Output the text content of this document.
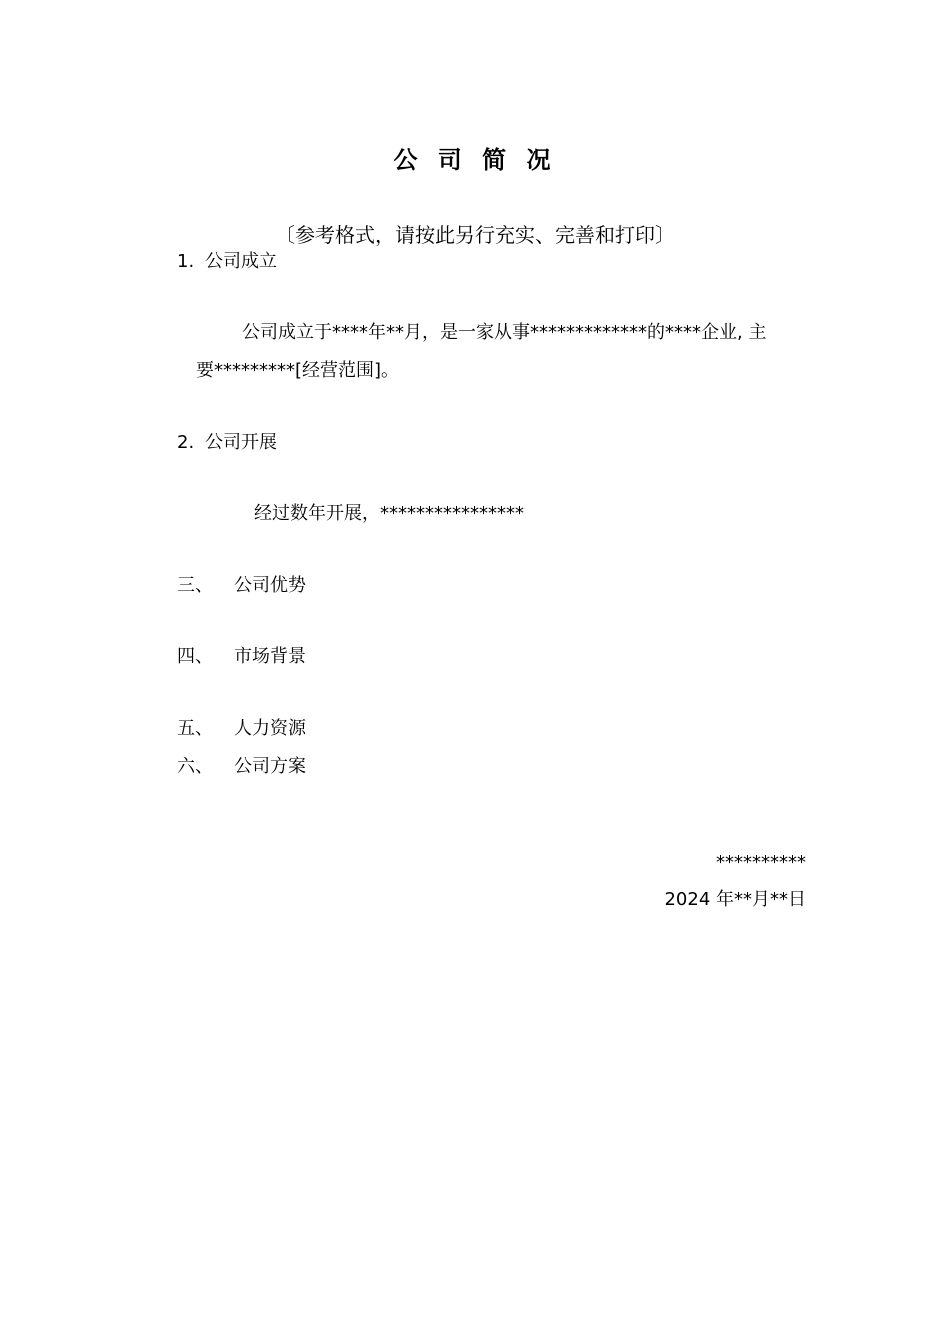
公 司 简 况
〔参考格式，请按此另行充实、完善和打印〕
1. 公司成立
公司成立于****年**月，是一家从事*************的****企业, 主
要*********[经营范围]。
2. 公司开展
经过数年开展，****************
三、 公司优势
四、 市场背景
五、 人力资源
六、 公司方案
**********
2024 年**月**日
